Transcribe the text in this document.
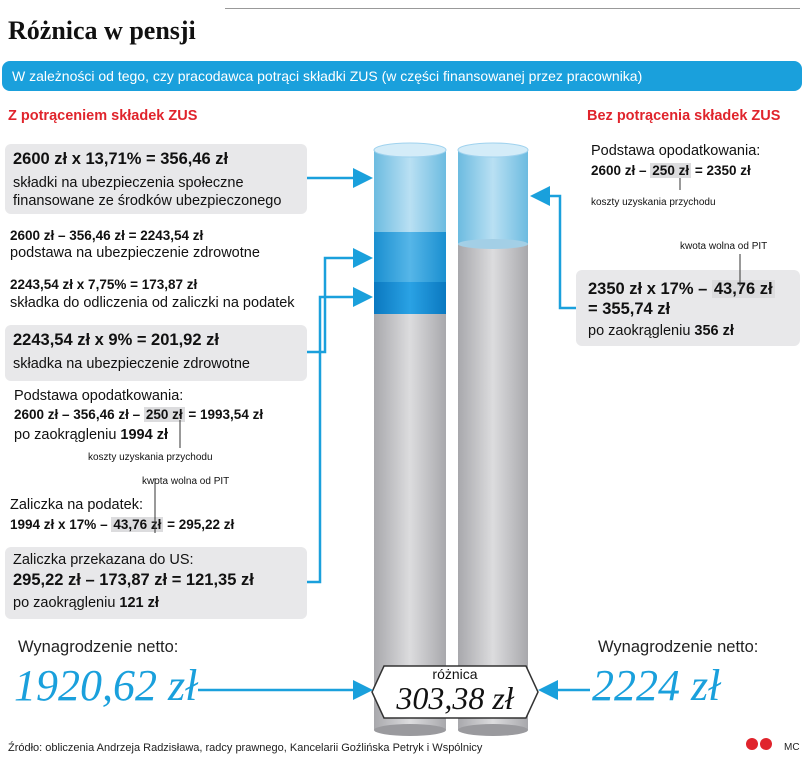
Różnica w pensji
W zależności od tego, czy pracodawca potrąci składki ZUS (w części finansowanej przez pracownika)
Z potrąceniem składek ZUS	Bez potrącenia składek ZUS
2600 zł x 13,71% = 356,46 zł
składki na ubezpieczenia społeczne
finansowane ze środków ubezpieczonego
2600 zł – 356,46 zł = 2243,54 zł
podstawa na ubezpieczenie zdrowotne
2243,54 zł x 7,75% = 173,87 zł
składka do odliczenia od zaliczki na podatek
2243,54 zł x 9% = 201,92 zł
składka na ubezpieczenie zdrowotne
Podstawa opodatkowania:
2600 zł – 356,46 zł – 250 zł = 1993,54 zł
po zaokrągleniu 1994 zł
koszty uzyskania przychodu
kwota wolna od PIT
Zaliczka na podatek:
1994 zł x 17% – 43,76 zł = 295,22 zł
Zaliczka przekazana do US:
295,22 zł – 173,87 zł = 121,35 zł
po zaokrągleniu 121 zł
Wynagrodzenie netto:
1920,62 zł
Podstawa opodatkowania:
2600 zł – 250 zł = 2350 zł
koszty uzyskania przychodu
kwota wolna od PIT
2350 zł x 17% – 43,76 zł
= 355,74 zł
po zaokrągleniu 356 zł
Wynagrodzenie netto:
2224 zł
różnica
303,38 zł
Źródło: obliczenia Andrzeja Radzisława, radcy prawnego, Kancelarii Goźlińska Petryk i Wspólnicy	MC
